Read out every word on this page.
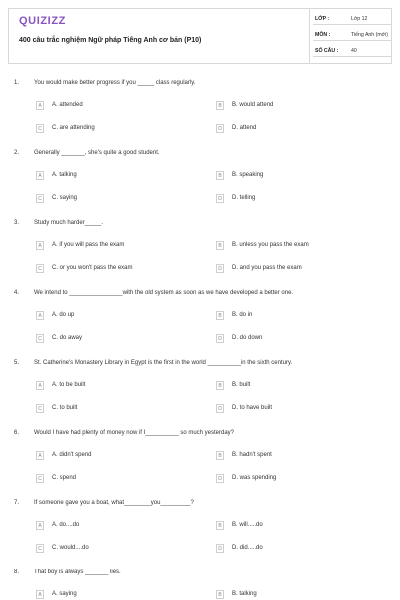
QUIZIZZ
400 câu trắc nghiệm Ngữ pháp Tiếng Anh cơ bản (P10)
LỚP :	Lớp 12
MÔN :	Tiếng Anh (mới)
SỐ CÂU : 40
1. You would make better progress if you _____ class regularly.
A	A. attended	B	B. would attend
C	C. are attending	D	D. attend
2. Generally _______, she's quite a good student.
A	A. talking	B	B. speaking
C	C. saying	D	D. telling
3. Study much harder_____.
A	A. if you will pass the exam	B	B. unless you pass the exam
C	C. or you won't pass the exam	D	D. and you pass the exam
4. We intend to ________________with the old system as soon as we have developed a better one.
A	A. do up	B	B. do in
C	C. do away	D	D. do down
5. St. Catherine's Monastery Library in Egypt is the first in the world __________in the sixth century.
A	A. to be built	B	B. built
C	C. to built	D	D. to have built
6. Would I have had plenty of money now if I__________ so much yesterday?
A	A. didn't spend	B	B. hadn't spent
C	C. spend	D	D. was spending
7. If someone gave you a boat, what________you_________?
A	A. do....do	B	B. will.....do
C	C. would....do	D	D. did.....do
8. That boy is always _______ lies.
A	A. saying	B	B. talking
